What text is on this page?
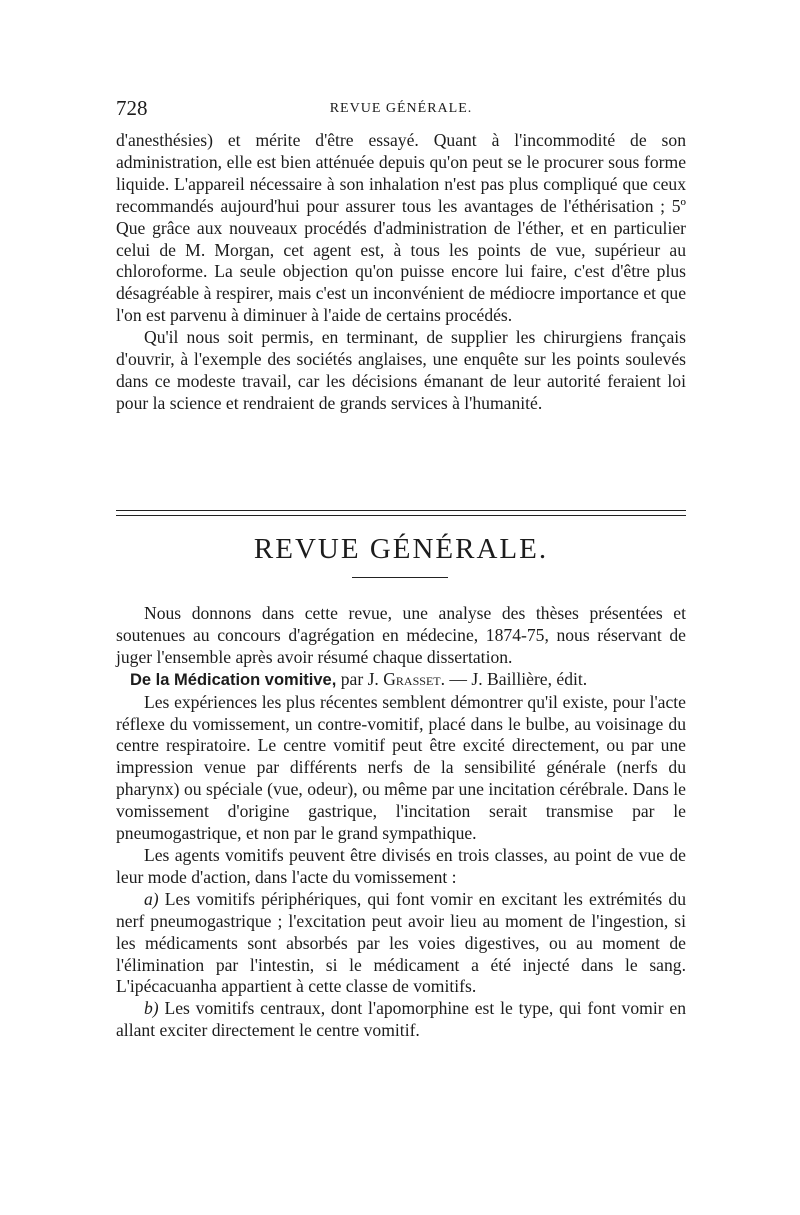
728	REVUE GÉNÉRALE.

d'anesthésies) et mérite d'être essayé. Quant à l'incommodité de son administration, elle est bien atténuée depuis qu'on peut se le procurer sous forme liquide. L'appareil nécessaire à son inhalation n'est pas plus compliqué que ceux recommandés aujourd'hui pour assurer tous les avantages de l'éthérisation ; 5º Que grâce aux nouveaux procédés d'administration de l'éther, et en particulier celui de M. Morgan, cet agent est, à tous les points de vue, supérieur au chloroforme. La seule objection qu'on puisse encore lui faire, c'est d'être plus désagréable à respirer, mais c'est un inconvénient de médiocre importance et que l'on est parvenu à diminuer à l'aide de certains procédés.

Qu'il nous soit permis, en terminant, de supplier les chirurgiens français d'ouvrir, à l'exemple des sociétés anglaises, une enquête sur les points soulevés dans ce modeste travail, car les décisions émanant de leur autorité feraient loi pour la science et rendraient de grands services à l'humanité.

REVUE GÉNÉRALE.

Nous donnons dans cette revue, une analyse des thèses présentées et soutenues au concours d'agrégation en médecine, 1874-75, nous réservant de juger l'ensemble après avoir résumé chaque dissertation.

De la Médication vomitive, par J. Grasset. — J. Baillière, édit.

Les expériences les plus récentes semblent démontrer qu'il existe, pour l'acte réflexe du vomissement, un contre-vomitif, placé dans le bulbe, au voisinage du centre respiratoire. Le centre vomitif peut être excité directement, ou par une impression venue par différents nerfs de la sensibilité générale (nerfs du pharynx) ou spéciale (vue, odeur), ou même par une incitation cérébrale. Dans le vomissement d'origine gastrique, l'incitation serait transmise par le pneumogastrique, et non par le grand sympathique.

Les agents vomitifs peuvent être divisés en trois classes, au point de vue de leur mode d'action, dans l'acte du vomissement :

a) Les vomitifs périphériques, qui font vomir en excitant les extrémités du nerf pneumogastrique ; l'excitation peut avoir lieu au moment de l'ingestion, si les médicaments sont absorbés par les voies digestives, ou au moment de l'élimination par l'intestin, si le médicament a été injecté dans le sang. L'ipécacuanha appartient à cette classe de vomitifs.

b) Les vomitifs centraux, dont l'apomorphine est le type, qui font vomir en allant exciter directement le centre vomitif.
